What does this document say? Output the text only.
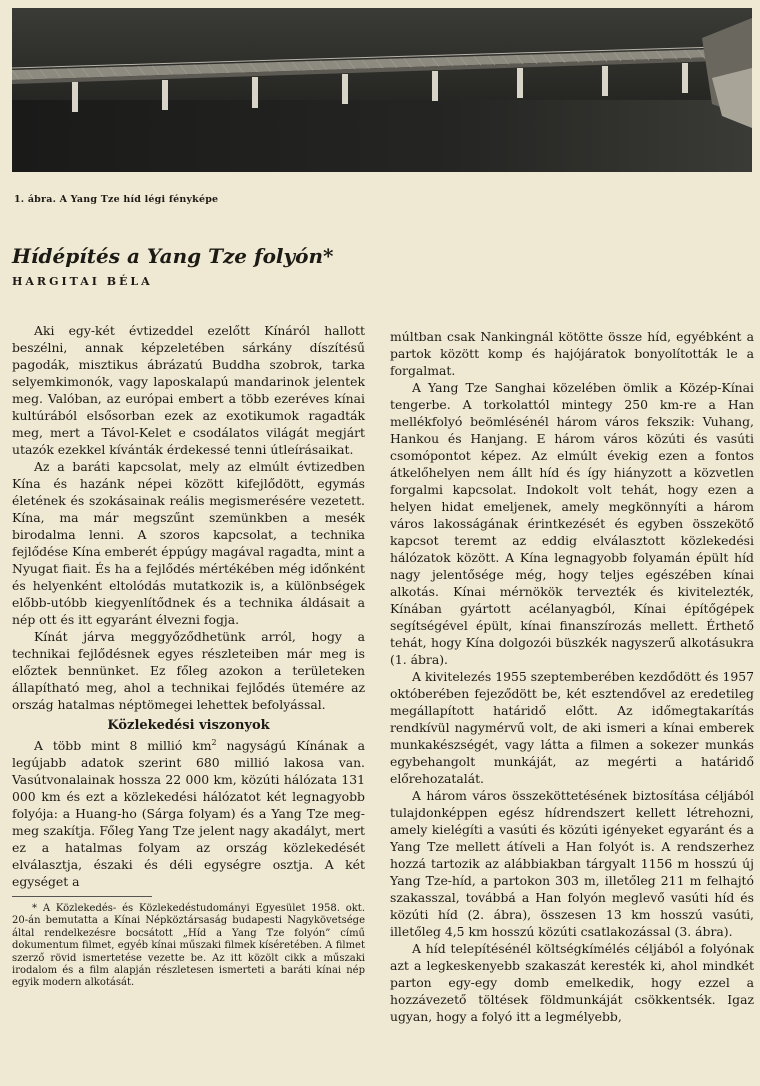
1. ábra. A Yang Tze híd légi fényképe
Hídépítés a Yang Tze folyón*
HARGITAI BÉLA

Aki egy-két évtizeddel ezelőtt Kínáról hallott beszélni, annak képzeletében sárkány díszítésű pagodák, misztikus ábrázatú Buddha szobrok, tarka selyemkimonók, vagy laposkalapú mandarinok jelentek meg. Valóban, az európai embert a több ezeréves kínai kultúrából elsősorban ezek az exotikumok ragadták meg, mert a Távol-Kelet e csodálatos világát megjárt utazók ezekkel kívánták érdekessé tenni útleírásaikat.

Az a baráti kapcsolat, mely az elmúlt évtizedben Kína és hazánk népei között kifejlődött, egymás életének és szokásainak reális megismerésére vezetett. Kína, ma már megszűnt szemünkben a mesék birodalma lenni. A szoros kapcsolat, a technika fejlődése Kína emberét éppúgy magával ragadta, mint a Nyugat fiait. És ha a fejlődés mértékében még időnként és helyenként eltolódás mutatkozik is, a különbségek előbb-utóbb kiegyenlítődnek és a technika áldásait a nép ott és itt egyaránt élvezni fogja.

Kínát járva meggyőződhetünk arról, hogy a technikai fejlődésnek egyes részleteiben már meg is előztek bennünket. Ez főleg azokon a területeken állapítható meg, ahol a technikai fejlődés ütemére az ország hatalmas néptömegei lehettek befolyással.

Közlekedési viszonyok

A több mint 8 millió $km^2$ nagyságú Kínának a legújabb adatok szerint 680 millió lakosa van. Vasútvonalainak hossza 22 000 km, közúti hálózata 131 000 km és ezt a közlekedési hálózatot két legnagyobb folyója: a Huang-ho (Sárga folyam) és a Yang Tze meg-meg szakítja. Főleg Yang Tze jelent nagy akadályt, mert ez a hatalmas folyam az ország közlekedését elválasztja, északi és déli egységre osztja. A két egységet a

* A Közlekedés- és Közlekedéstudományi Egyesület 1958. okt. 20-án bemutatta a Kínai Népköztársaság budapesti Nagykövetsége által rendelkezésre bocsátott „Híd a Yang Tze folyón” című dokumentum filmet, egyéb kínai műszaki filmek kíséretében. A filmet szerző rövid ismertetése vezette be. Az itt közölt cikk a műszaki irodalom és a film alapján részletesen ismerteti a baráti kínai nép egyik modern alkotását.

múltban csak Nankingnál kötötte össze híd, egyébként a partok között komp és hajójáratok bonyolították le a forgalmat.

A Yang Tze Sanghai közelében ömlik a Közép-Kínai tengerbe. A torkolattól mintegy 250 km-re a Han mellékfolyó beömlésénél három város fekszik: Vuhang, Hankou és Hanjang. E három város közúti és vasúti csomópontot képez. Az elmúlt évekig ezen a fontos átkelőhelyen nem állt híd és így hiányzott a közvetlen forgalmi kapcsolat. Indokolt volt tehát, hogy ezen a helyen hidat emeljenek, amely megkönnyíti a három város lakosságának érintkezését és egyben összekötő kapcsot teremt az eddig elválasztott közlekedési hálózatok között. A Kína legnagyobb folyamán épült híd nagy jelentősége még, hogy teljes egészében kínai alkotás. Kínai mérnökök tervezték és kivitelezték, Kínában gyártott acélanyagból, Kínai építőgépek segítségével épült, kínai finanszírozás mellett. Érthető tehát, hogy Kína dolgozói büszkék nagyszerű alkotásukra (1. ábra).

A kivitelezés 1955 szeptemberében kezdődött és 1957 októberében fejeződött be, két esztendővel az eredetileg megállapított határidő előtt. Az időmegtakarítás rendkívül nagymérvű volt, de aki ismeri a kínai emberek munkakészségét, vagy látta a filmen a sokezer munkás egybehangolt munkáját, az megérti a határidő előrehozatalát.

A három város összeköttetésének biztosítása céljából tulajdonképpen egész hídrendszert kellett létrehozni, amely kielégíti a vasúti és közúti igényeket egyaránt és a Yang Tze mellett átíveli a Han folyót is. A rendszerhez hozzá tartozik az alábbiakban tárgyalt 1156 m hosszú új Yang Tze-híd, a partokon 303 m, illetőleg 211 m felhajtó szakasszal, továbbá a Han folyón meglevő vasúti híd és közúti híd (2. ábra), összesen 13 km hosszú vasúti, illetőleg 4,5 km hosszú közúti csatlakozással (3. ábra).

A híd telepítésénél költségkímélés céljából a folyónak azt a legkeskenyebb szakaszát keresték ki, ahol mindkét parton egy-egy domb emelkedik, hogy ezzel a hozzávezető töltések földmunkáját csökkentsék. Igaz ugyan, hogy a folyó itt a legmélyebb,
